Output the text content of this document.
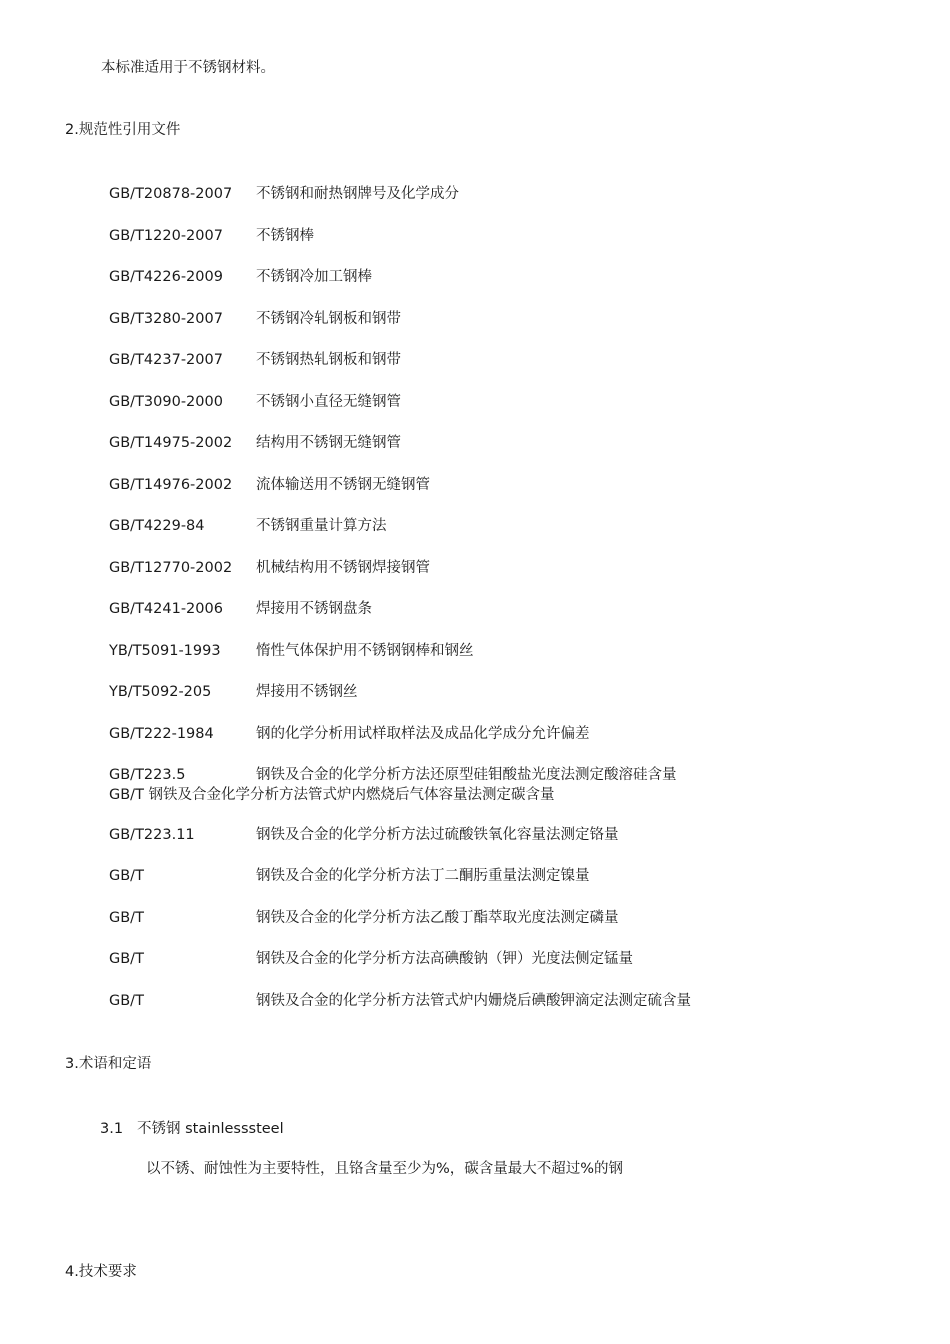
本标准适用于不锈钢材料。
2.规范性引用文件
GB/T20878-2007 不锈钢和耐热钢牌号及化学成分
GB/T1220-2007 不锈钢棒
GB/T4226-2009 不锈钢冷加工钢棒
GB/T3280-2007 不锈钢冷轧钢板和钢带
GB/T4237-2007 不锈钢热轧钢板和钢带
GB/T3090-2000 不锈钢小直径无缝钢管
GB/T14975-2002 结构用不锈钢无缝钢管
GB/T14976-2002 流体输送用不锈钢无缝钢管
GB/T4229-84	不锈钢重量计算方法
GB/T12770-2002 机械结构用不锈钢焊接钢管
GB/T4241-2006 焊接用不锈钢盘条
YB/T5091-1993 惰性气体保护用不锈钢钢棒和钢丝
YB/T5092-205	焊接用不锈钢丝
GB/T222-1984	钢的化学分析用试样取样法及成品化学成分允许偏差
GB/T223.5	钢铁及合金的化学分析方法还原型硅钼酸盐光度法测定酸溶硅含量
GB/T 钢铁及合金化学分析方法管式炉内燃烧后气体容量法测定碳含量
GB/T223.11	钢铁及合金的化学分析方法过硫酸铁氧化容量法测定铬量
GB/T	钢铁及合金的化学分析方法丁二酮肟重量法测定镍量
GB/T	钢铁及合金的化学分析方法乙酸丁酯萃取光度法测定磷量
GB/T	钢铁及合金的化学分析方法高碘酸钠（钾）光度法侧定锰量
GB/T	钢铁及合金的化学分析方法管式炉内姗烧后碘酸钾滴定法测定硫含量
3.术语和定语
3.1 不锈钢 stainlesssteel
以不锈、耐蚀性为主要特性，且铬含量至少为%，碳含量最大不超过%的钢
4.技术要求
